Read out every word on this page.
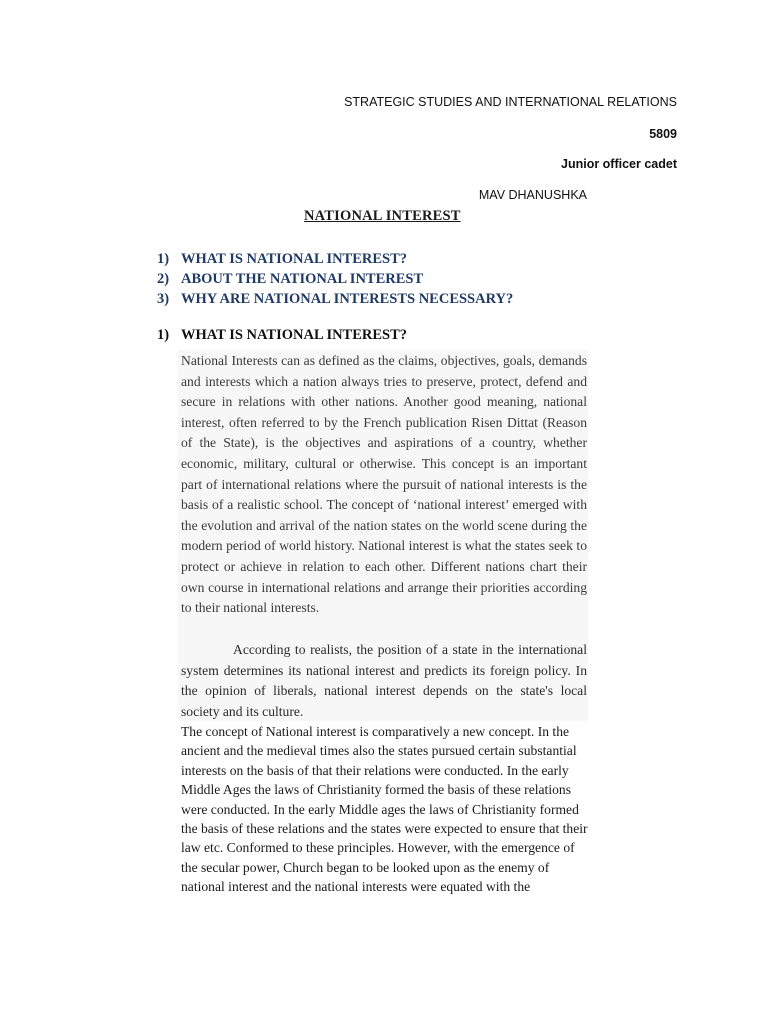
STRATEGIC STUDIES AND INTERNATIONAL RELATIONS
5809
Junior officer cadet
MAV DHANUSHKA
NATIONAL INTEREST
1) WHAT IS NATIONAL INTEREST?
2) ABOUT THE NATIONAL INTEREST
3) WHY ARE NATIONAL INTERESTS NECESSARY?
1) WHAT IS NATIONAL INTEREST?

National Interests can as defined as the claims, objectives, goals, demands and interests which a nation always tries to preserve, protect, defend and secure in relations with other nations. Another good meaning, national interest, often referred to by the French publication Risen Dittat (Reason of the State), is the objectives and aspirations of a country, whether economic, military, cultural or otherwise. This concept is an important part of international relations where the pursuit of national interests is the basis of a realistic school. The concept of ‘national interest’ emerged with the evolution and arrival of the nation states on the world scene during the modern period of world history. National interest is what the states seek to protect or achieve in relation to each other. Different nations chart their own course in international relations and arrange their priorities according to their national interests.

According to realists, the position of a state in the international system determines its national interest and predicts its foreign policy. In the opinion of liberals, national interest depends on the state's local society and its culture.

The concept of National interest is comparatively a new concept. In the ancient and the medieval times also the states pursued certain substantial interests on the basis of that their relations were conducted. In the early Middle Ages the laws of Christianity formed the basis of these relations were conducted. In the early Middle ages the laws of Christianity formed the basis of these relations and the states were expected to ensure that their law etc. Conformed to these principles. However, with the emergence of the secular power, Church began to be looked upon as the enemy of national interest and the national interests were equated with the
